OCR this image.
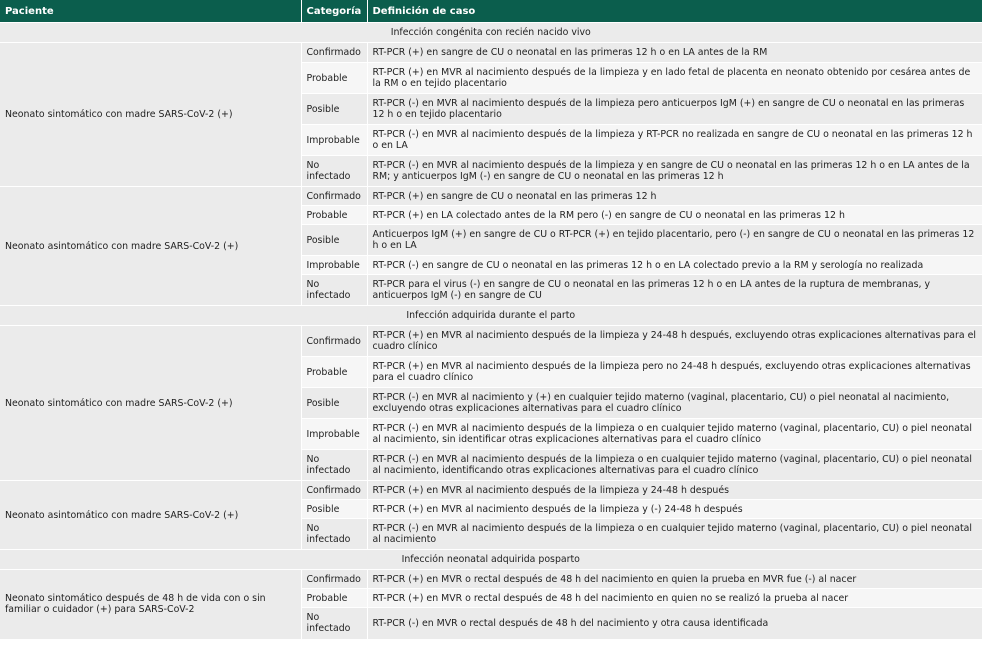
Paciente	Categoría	Definición de caso
Infección congénita con recién nacido vivo		
Neonato sintomático con madre SARS-CoV-2 (+)	Confirmado	RT-PCR (+) en sangre de CU o neonatal en las primeras 12 h o en LA antes de la RM
	Probable	RT-PCR (+) en MVR al nacimiento después de la limpieza y en lado fetal de placenta en neonato obtenido por cesárea antes de la RM o en tejido placentario
	Posible	RT-PCR (-) en MVR al nacimiento después de la limpieza pero anticuerpos IgM (+) en sangre de CU o neonatal en las primeras 12 h o en tejido placentario
	Improbable	RT-PCR (-) en MVR al nacimiento después de la limpieza y RT-PCR no realizada en sangre de CU o neonatal en las primeras 12 h o en LA
	No infectado	RT-PCR (-) en MVR al nacimiento después de la limpieza y en sangre de CU o neonatal en las primeras 12 h o en LA antes de la RM; y anticuerpos IgM (-) en sangre de CU o neonatal en las primeras 12 h
Neonato asintomático con madre SARS-CoV-2 (+)	Confirmado	RT-PCR (+) en sangre de CU o neonatal en las primeras 12 h
	Probable	RT-PCR (+) en LA colectado antes de la RM pero (-) en sangre de CU o neonatal en las primeras 12 h
	Posible	Anticuerpos IgM (+) en sangre de CU o RT-PCR (+) en tejido placentario, pero (-) en sangre de CU o neonatal en las primeras 12 h o en LA
	Improbable	RT-PCR (-) en sangre de CU o neonatal en las primeras 12 h o en LA colectado previo a la RM y serología no realizada
	No infectado	RT-PCR para el virus (-) en sangre de CU o neonatal en las primeras 12 h o en LA antes de la ruptura de membranas, y anticuerpos IgM (-) en sangre de CU
Infección adquirida durante el parto		
Neonato sintomático con madre SARS-CoV-2 (+)	Confirmado	RT-PCR (+) en MVR al nacimiento después de la limpieza y 24-48 h después, excluyendo otras explicaciones alternativas para el cuadro clínico
	Probable	RT-PCR (+) en MVR al nacimiento después de la limpieza pero no 24-48 h después, excluyendo otras explicaciones alternativas para el cuadro clínico
	Posible	RT-PCR (-) en MVR al nacimiento y (+) en cualquier tejido materno (vaginal, placentario, CU) o piel neonatal al nacimiento, excluyendo otras explicaciones alternativas para el cuadro clínico
	Improbable	RT-PCR (-) en MVR al nacimiento después de la limpieza o en cualquier tejido materno (vaginal, placentario, CU) o piel neonatal al nacimiento, sin identificar otras explicaciones alternativas para el cuadro clínico
	No infectado	RT-PCR (-) en MVR al nacimiento después de la limpieza o en cualquier tejido materno (vaginal, placentario, CU) o piel neonatal al nacimiento, identificando otras explicaciones alternativas para el cuadro clínico
Neonato asintomático con madre SARS-CoV-2 (+)	Confirmado	RT-PCR (+) en MVR al nacimiento después de la limpieza y 24-48 h después
	Posible	RT-PCR (+) en MVR al nacimiento después de la limpieza y (-) 24-48 h después
	No infectado	RT-PCR (-) en MVR al nacimiento después de la limpieza o en cualquier tejido materno (vaginal, placentario, CU) o piel neonatal al nacimiento
Infección neonatal adquirida posparto		
Neonato sintomático después de 48 h de vida con o sin familiar o cuidador (+) para SARS-CoV-2	Confirmado	RT-PCR (+) en MVR o rectal después de 48 h del nacimiento en quien la prueba en MVR fue (-) al nacer
	Probable	RT-PCR (+) en MVR o rectal después de 48 h del nacimiento en quien no se realizó la prueba al nacer
	No infectado	RT-PCR (-) en MVR o rectal después de 48 h del nacimiento y otra causa identificada
